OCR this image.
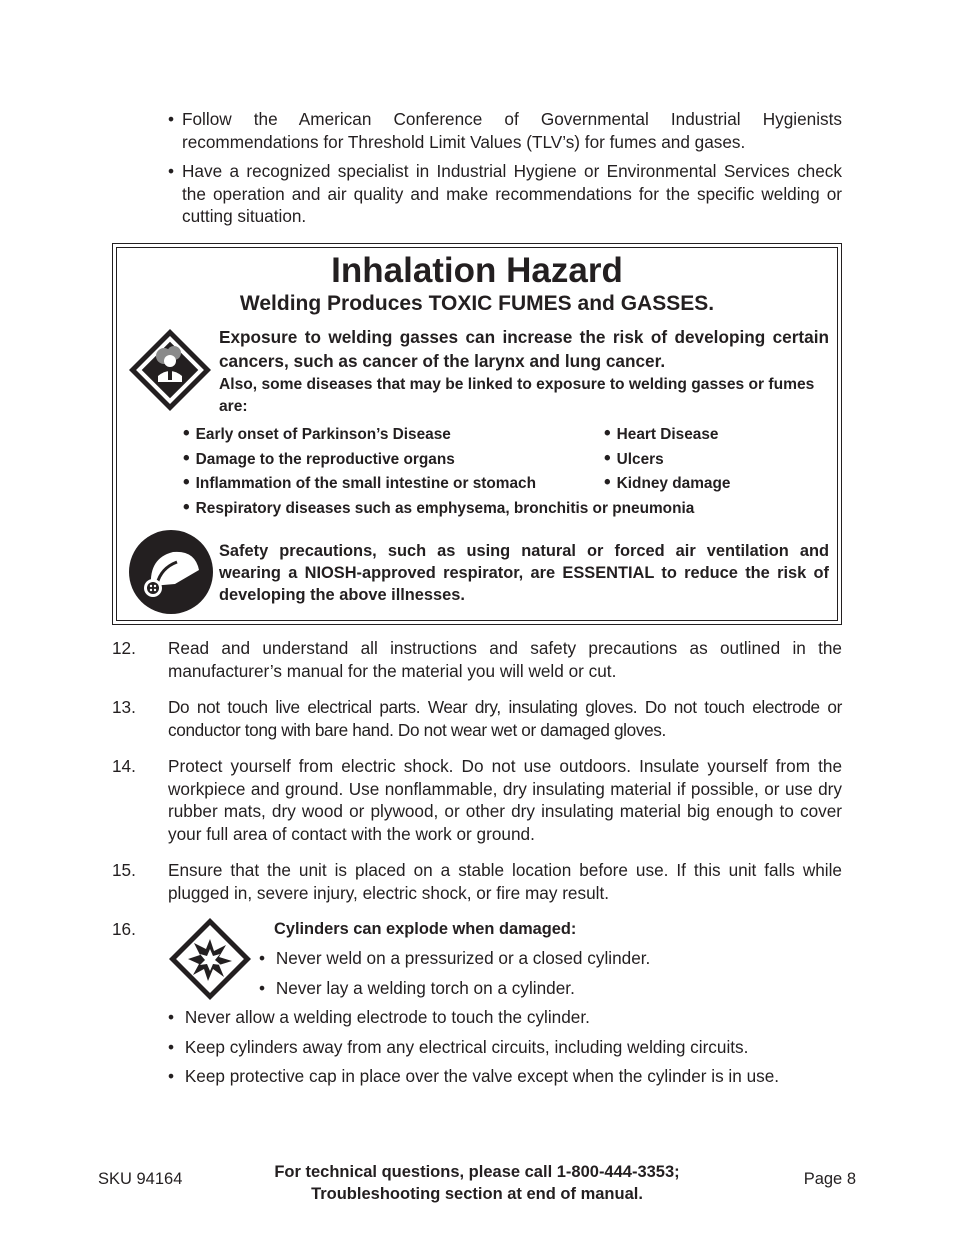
• Follow the American Conference of Governmental Industrial Hygienists recommendations for Threshold Limit Values (TLV’s) for fumes and gases.
• Have a recognized specialist in Industrial Hygiene or Environmental Services check the operation and air quality and make recommendations for the specific welding or cutting situation.
Inhalation Hazard
Welding Produces TOXIC FUMES and GASSES.
Exposure to welding gasses can increase the risk of developing certain cancers, such as cancer of the larynx and lung cancer.
Also, some diseases that may be linked to exposure to welding gasses or fumes are:
• Early onset of Parkinson’s Disease
• Damage to the reproductive organs
• Inflammation of the small intestine or stomach
• Respiratory diseases such as emphysema, bronchitis or pneumonia
• Heart Disease
• Ulcers
• Kidney damage
Safety precautions, such as using natural or forced air ventilation and wearing a NIOSH-approved respirator, are ESSENTIAL to reduce the risk of developing the above illnesses.
12. Read and understand all instructions and safety precautions as outlined in the manufacturer’s manual for the material you will weld or cut.
13. Do not touch live electrical parts. Wear dry, insulating gloves. Do not touch electrode or conductor tong with bare hand. Do not wear wet or damaged gloves.
14. Protect yourself from electric shock. Do not use outdoors. Insulate yourself from the workpiece and ground. Use nonflammable, dry insulating material if possible, or use dry rubber mats, dry wood or plywood, or other dry insulating material big enough to cover your full area of contact with the work or ground.
15. Ensure that the unit is placed on a stable location before use. If this unit falls while plugged in, severe injury, electric shock, or fire may result.
16.	Cylinders can explode when damaged:
• Never weld on a pressurized or a closed cylinder.
• Never lay a welding torch on a cylinder.
• Never allow a welding electrode to touch the cylinder.
• Keep cylinders away from any electrical circuits, including welding circuits.
• Keep protective cap in place over the valve except when the cylinder is in use.
SKU 94164	For technical questions, please call 1-800-444-3353;
Troubleshooting section at end of manual.
Page 8
